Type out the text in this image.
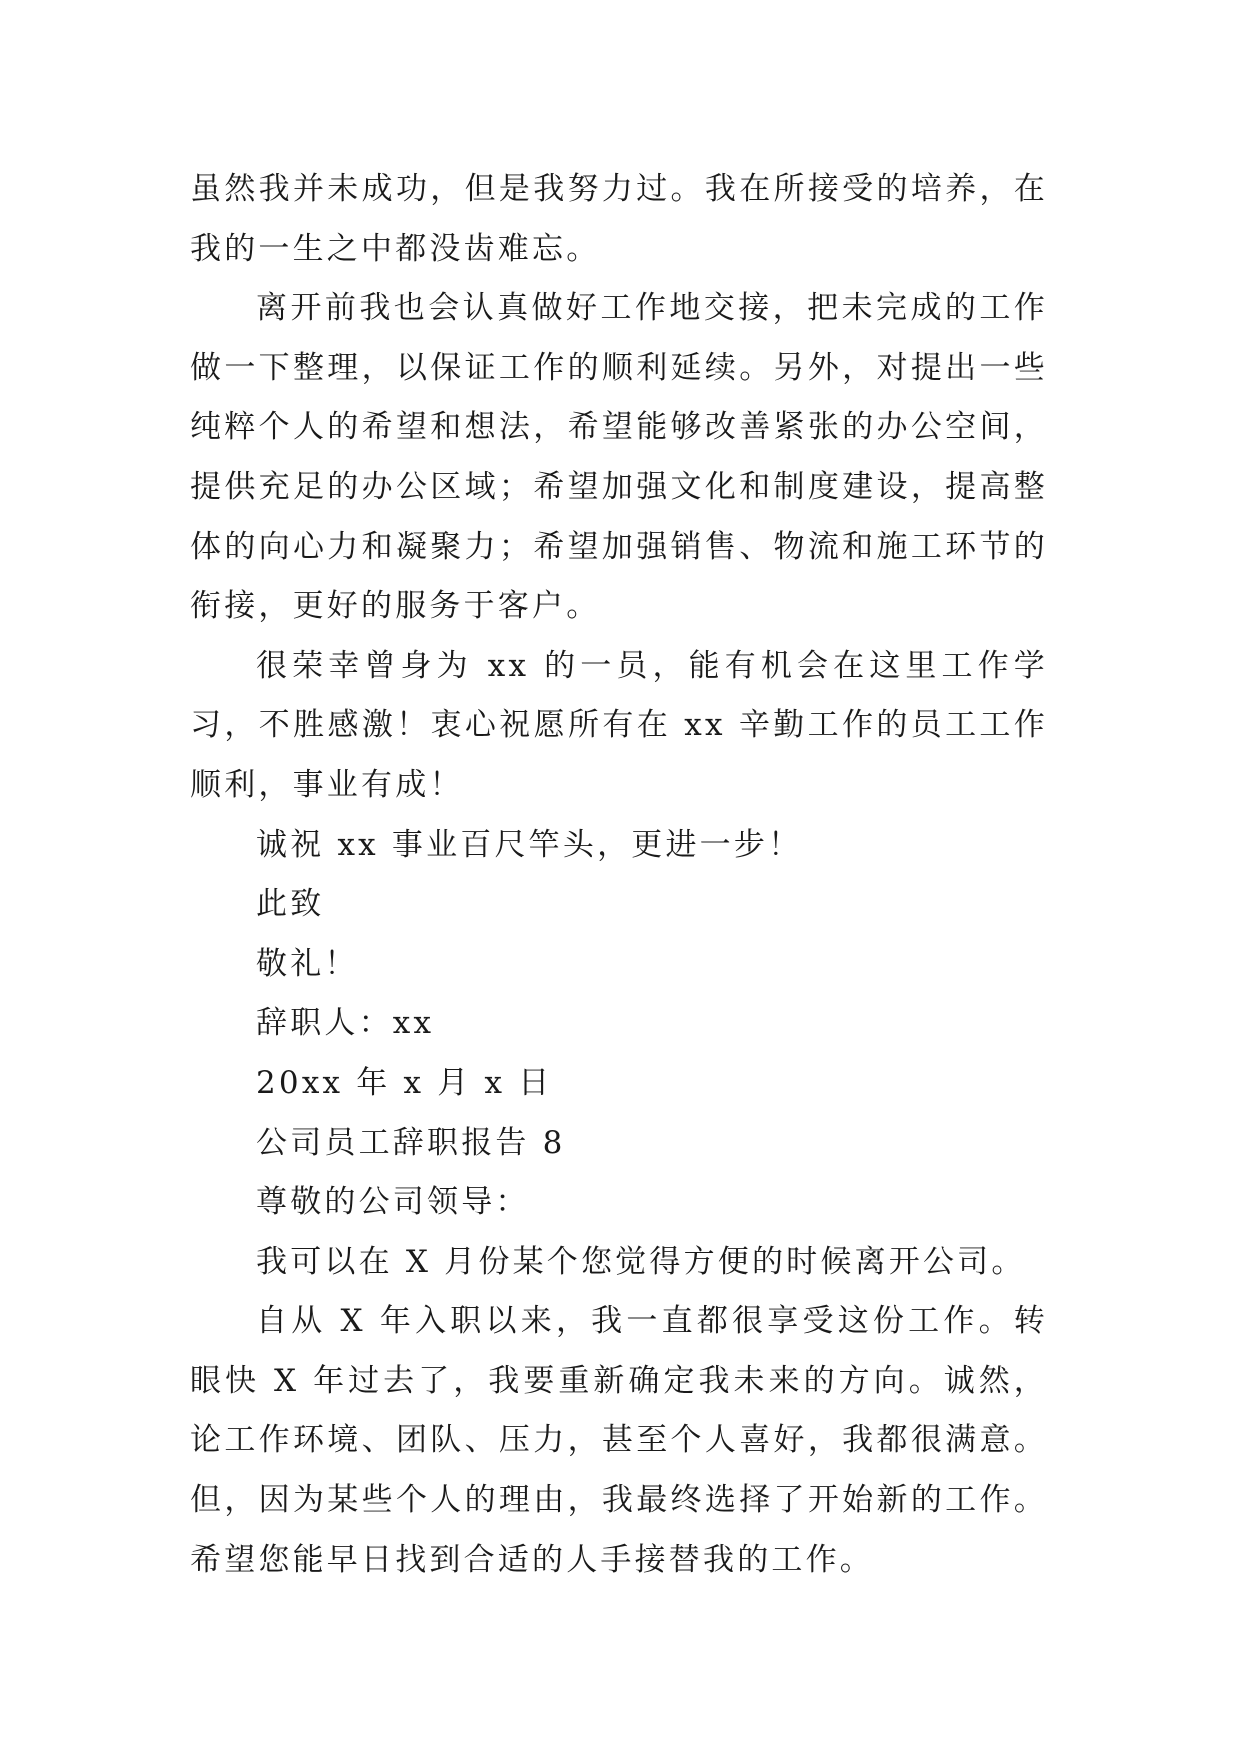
虽然我并未成功，但是我努力过。我在所接受的培养，在我的一生之中都没齿难忘。

离开前我也会认真做好工作地交接，把未完成的工作做一下整理，以保证工作的顺利延续。另外，对提出一些纯粹个人的希望和想法，希望能够改善紧张的办公空间，提供充足的办公区域；希望加强文化和制度建设，提高整体的向心力和凝聚力；希望加强销售、物流和施工环节的衔接，更好的服务于客户。

很荣幸曾身为 xx 的一员，能有机会在这里工作学习，不胜感激！衷心祝愿所有在 xx 辛勤工作的员工工作顺利，事业有成！

诚祝 xx 事业百尺竿头，更进一步！

此致

敬礼！

辞职人：xx

20xx 年 x 月 x 日

公司员工辞职报告 8

尊敬的公司领导：

我可以在 X 月份某个您觉得方便的时候离开公司。

自从 X 年入职以来，我一直都很享受这份工作。转眼快 X 年过去了，我要重新确定我未来的方向。诚然，论工作环境、团队、压力，甚至个人喜好，我都很满意。但，因为某些个人的理由，我最终选择了开始新的工作。希望您能早日找到合适的人手接替我的工作。
